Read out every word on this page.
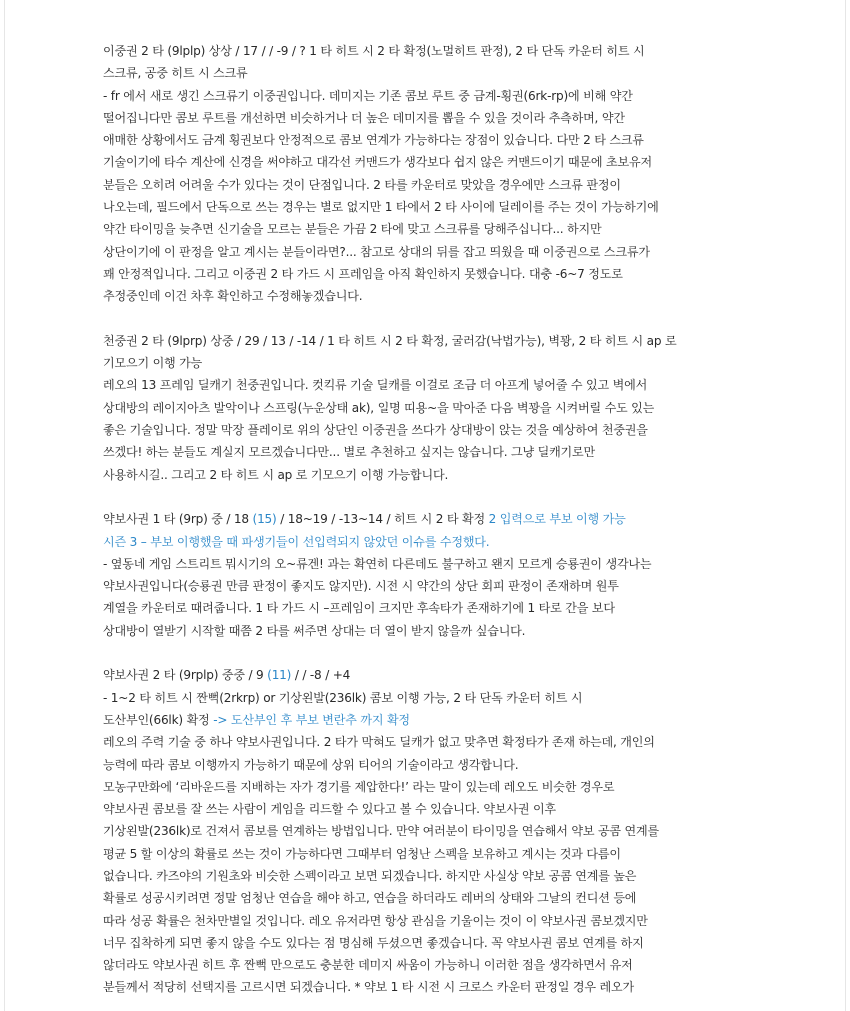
이중권 2 타 (9lplp) 상상 / 17 / / -9 / ? 1 타 히트 시 2 타 확정(노멀히트 판정), 2 타 단독 카운터 히트 시
스크류, 공중 히트 시 스크류
- fr 에서 새로 생긴 스크류기 이중권입니다. 데미지는 기존 콤보 루트 중 금계-횡권(6rk-rp)에 비해 약간
떨어집니다만 콤보 루트를 개선하면 비슷하거나 더 높은 데미지를 뽑을 수 있을 것이라 추측하며, 약간
애매한 상황에서도 금계 횡권보다 안정적으로 콤보 연계가 가능하다는 장점이 있습니다. 다만 2 타 스크류
기술이기에 타수 계산에 신경을 써야하고 대각선 커맨드가 생각보다 쉽지 않은 커맨드이기 때문에 초보유저
분들은 오히려 어려울 수가 있다는 것이 단점입니다. 2 타를 카운터로 맞았을 경우에만 스크류 판정이
나오는데, 필드에서 단독으로 쓰는 경우는 별로 없지만 1 타에서 2 타 사이에 딜레이를 주는 것이 가능하기에
약간 타이밍을 늦추면 신기술을 모르는 분들은 가끔 2 타에 맞고 스크류를 당해주십니다... 하지만
상단이기에 이 판정을 알고 계시는 분들이라면?... 참고로 상대의 뒤를 잡고 띄웠을 때 이중권으로 스크류가
꽤 안정적입니다. 그리고 이중권 2 타 가드 시 프레임을 아직 확인하지 못했습니다. 대충 -6~7 정도로
추정중인데 이건 차후 확인하고 수정해놓겠습니다.
천중권 2 타 (9lprp) 상중 / 29 / 13 / -14 / 1 타 히트 시 2 타 확정, 굴러감(낙법가능), 벽꽝, 2 타 히트 시 ap 로
기모으기 이행 가능
레오의 13 프레임 딜캐기 천중권입니다. 컷킥류 기술 딜캐를 이걸로 조금 더 아프게 넣어줄 수 있고 벽에서
상대방의 레이지아츠 발악이나 스프링(누운상태 ak), 일명 띠용~을 막아준 다음 벽꽝을 시켜버릴 수도 있는
좋은 기술입니다. 정말 막장 플레이로 위의 상단인 이중권을 쓰다가 상대방이 앉는 것을 예상하여 천중권을
쓰겠다! 하는 분들도 계실지 모르겠습니다만... 별로 추천하고 싶지는 않습니다. 그냥 딜캐기로만
사용하시길.. 그리고 2 타 히트 시 ap 로 기모으기 이행 가능합니다.
약보사권 1 타 (9rp) 중 / 18 (15) / 18~19 / -13~14 / 히트 시 2 타 확정 2 입력으로 부보 이행 가능
시즌 3 – 부보 이행했을 때 파생기들이 선입력되지 않았던 이슈를 수정했다.
- 옆동네 게임 스트리트 뭐시기의 오~류겐! 과는 확연히 다른데도 불구하고 왠지 모르게 승룡권이 생각나는
약보사권입니다(승룡권 만큼 판정이 좋지도 않지만). 시전 시 약간의 상단 회피 판정이 존재하며 원투
계열을 카운터로 때려줍니다. 1 타 가드 시 –프레임이 크지만 후속타가 존재하기에 1 타로 간을 보다
상대방이 열받기 시작할 때쯤 2 타를 써주면 상대는 더 열이 받지 않을까 싶습니다.
약보사권 2 타 (9rplp) 중중 / 9 (11) / / -8 / +4
- 1~2 타 히트 시 짠뻑(2rkrp) or 기상왼발(236lk) 콤보 이행 가능, 2 타 단독 카운터 히트 시
도산부인(66lk) 확정 -> 도산부인 후 부보 변란추 까지 확정
레오의 주력 기술 중 하나 약보사권입니다. 2 타가 막혀도 딜캐가 없고 맞추면 확정타가 존재 하는데, 개인의
능력에 따라 콤보 이행까지 가능하기 때문에 상위 티어의 기술이라고 생각합니다.
모농구만화에 ‘리바운드를 지배하는 자가 경기를 제압한다!’ 라는 말이 있는데 레오도 비슷한 경우로
약보사권 콤보를 잘 쓰는 사람이 게임을 리드할 수 있다고 볼 수 있습니다. 약보사권 이후
기상왼발(236lk)로 건져서 콤보를 연계하는 방법입니다. 만약 여러분이 타이밍을 연습해서 약보 공콤 연계를
평균 5 할 이상의 확률로 쓰는 것이 가능하다면 그때부터 엄청난 스펙을 보유하고 계시는 것과 다름이
없습니다. 카즈야의 기원초와 비슷한 스펙이라고 보면 되겠습니다. 하지만 사실상 약보 공콤 연계를 높은
확률로 성공시키려면 정말 엄청난 연습을 해야 하고, 연습을 하더라도 레버의 상태와 그날의 컨디션 등에
따라 성공 확률은 천차만별일 것입니다. 레오 유저라면 항상 관심을 기울이는 것이 이 약보사권 콤보겠지만
너무 집착하게 되면 좋지 않을 수도 있다는 점 명심해 두셨으면 좋겠습니다. 꼭 약보사권 콤보 연계를 하지
않더라도 약보사권 히트 후 짠뻑 만으로도 충분한 데미지 싸움이 가능하니 이러한 점을 생각하면서 유저
분들께서 적당히 선택지를 고르시면 되겠습니다. * 약보 1 타 시전 시 크로스 카운터 판정일 경우 레오가
